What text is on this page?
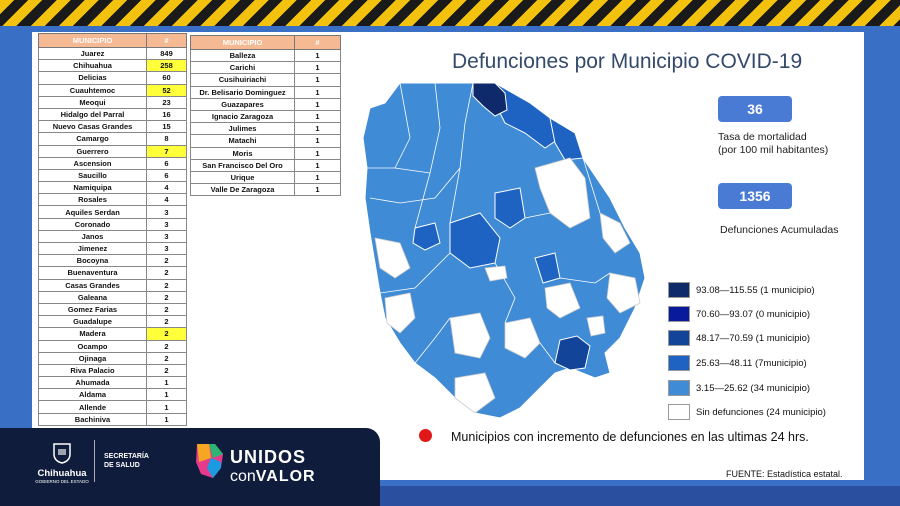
MUNICIPIO	#
Juarez	849
Chihuahua	258
Delicias	60
Cuauhtemoc	52
Meoqui	23
Hidalgo del Parral	16
Nuevo Casas Grandes	15
Camargo	8
Guerrero	7
Ascension	6
Saucillo	6
Namiquipa	4
Rosales	4
Aquiles Serdan	3
Coronado	3
Janos	3
Jimenez	3
Bocoyna	2
Buenaventura	2
Casas Grandes	2
Galeana	2
Gomez Farias	2
Guadalupe	2
Madera	2
Ocampo	2
Ojinaga	2
Riva Palacio	2
Ahumada	1
Aldama	1
Allende	1
Bachiniva	1
MUNICIPIO	#
Balleza	1
Carichi	1
Cusihuiriachi	1
Dr. Belisario Dominguez	1
Guazapares	1
Ignacio Zaragoza	1
Julimes	1
Matachi	1
Moris	1
San Francisco Del Oro	1
Urique	1
Valle De Zaragoza	1
Defunciones por Municipio COVID-19
36
Tasa de mortalidad
(por 100 mil habitantes)
1356
Defunciones Acumuladas
93.08—115.55 (1 municipio)
70.60—93.07 (0 municipio)
48.17—70.59 (1 municipio)
25.63—48.11 (7municipio)
3.15—25.62 (34 municipio)
Sin defunciones (24 municipio)
Municipios con incremento de defunciones en las ultimas 24 hrs.
FUENTE: Estadística estatal.
Chihuahua
GOBIERNO DEL ESTADO
SECRETARÍA
DE SALUD	UNIDOS
conVALOR
